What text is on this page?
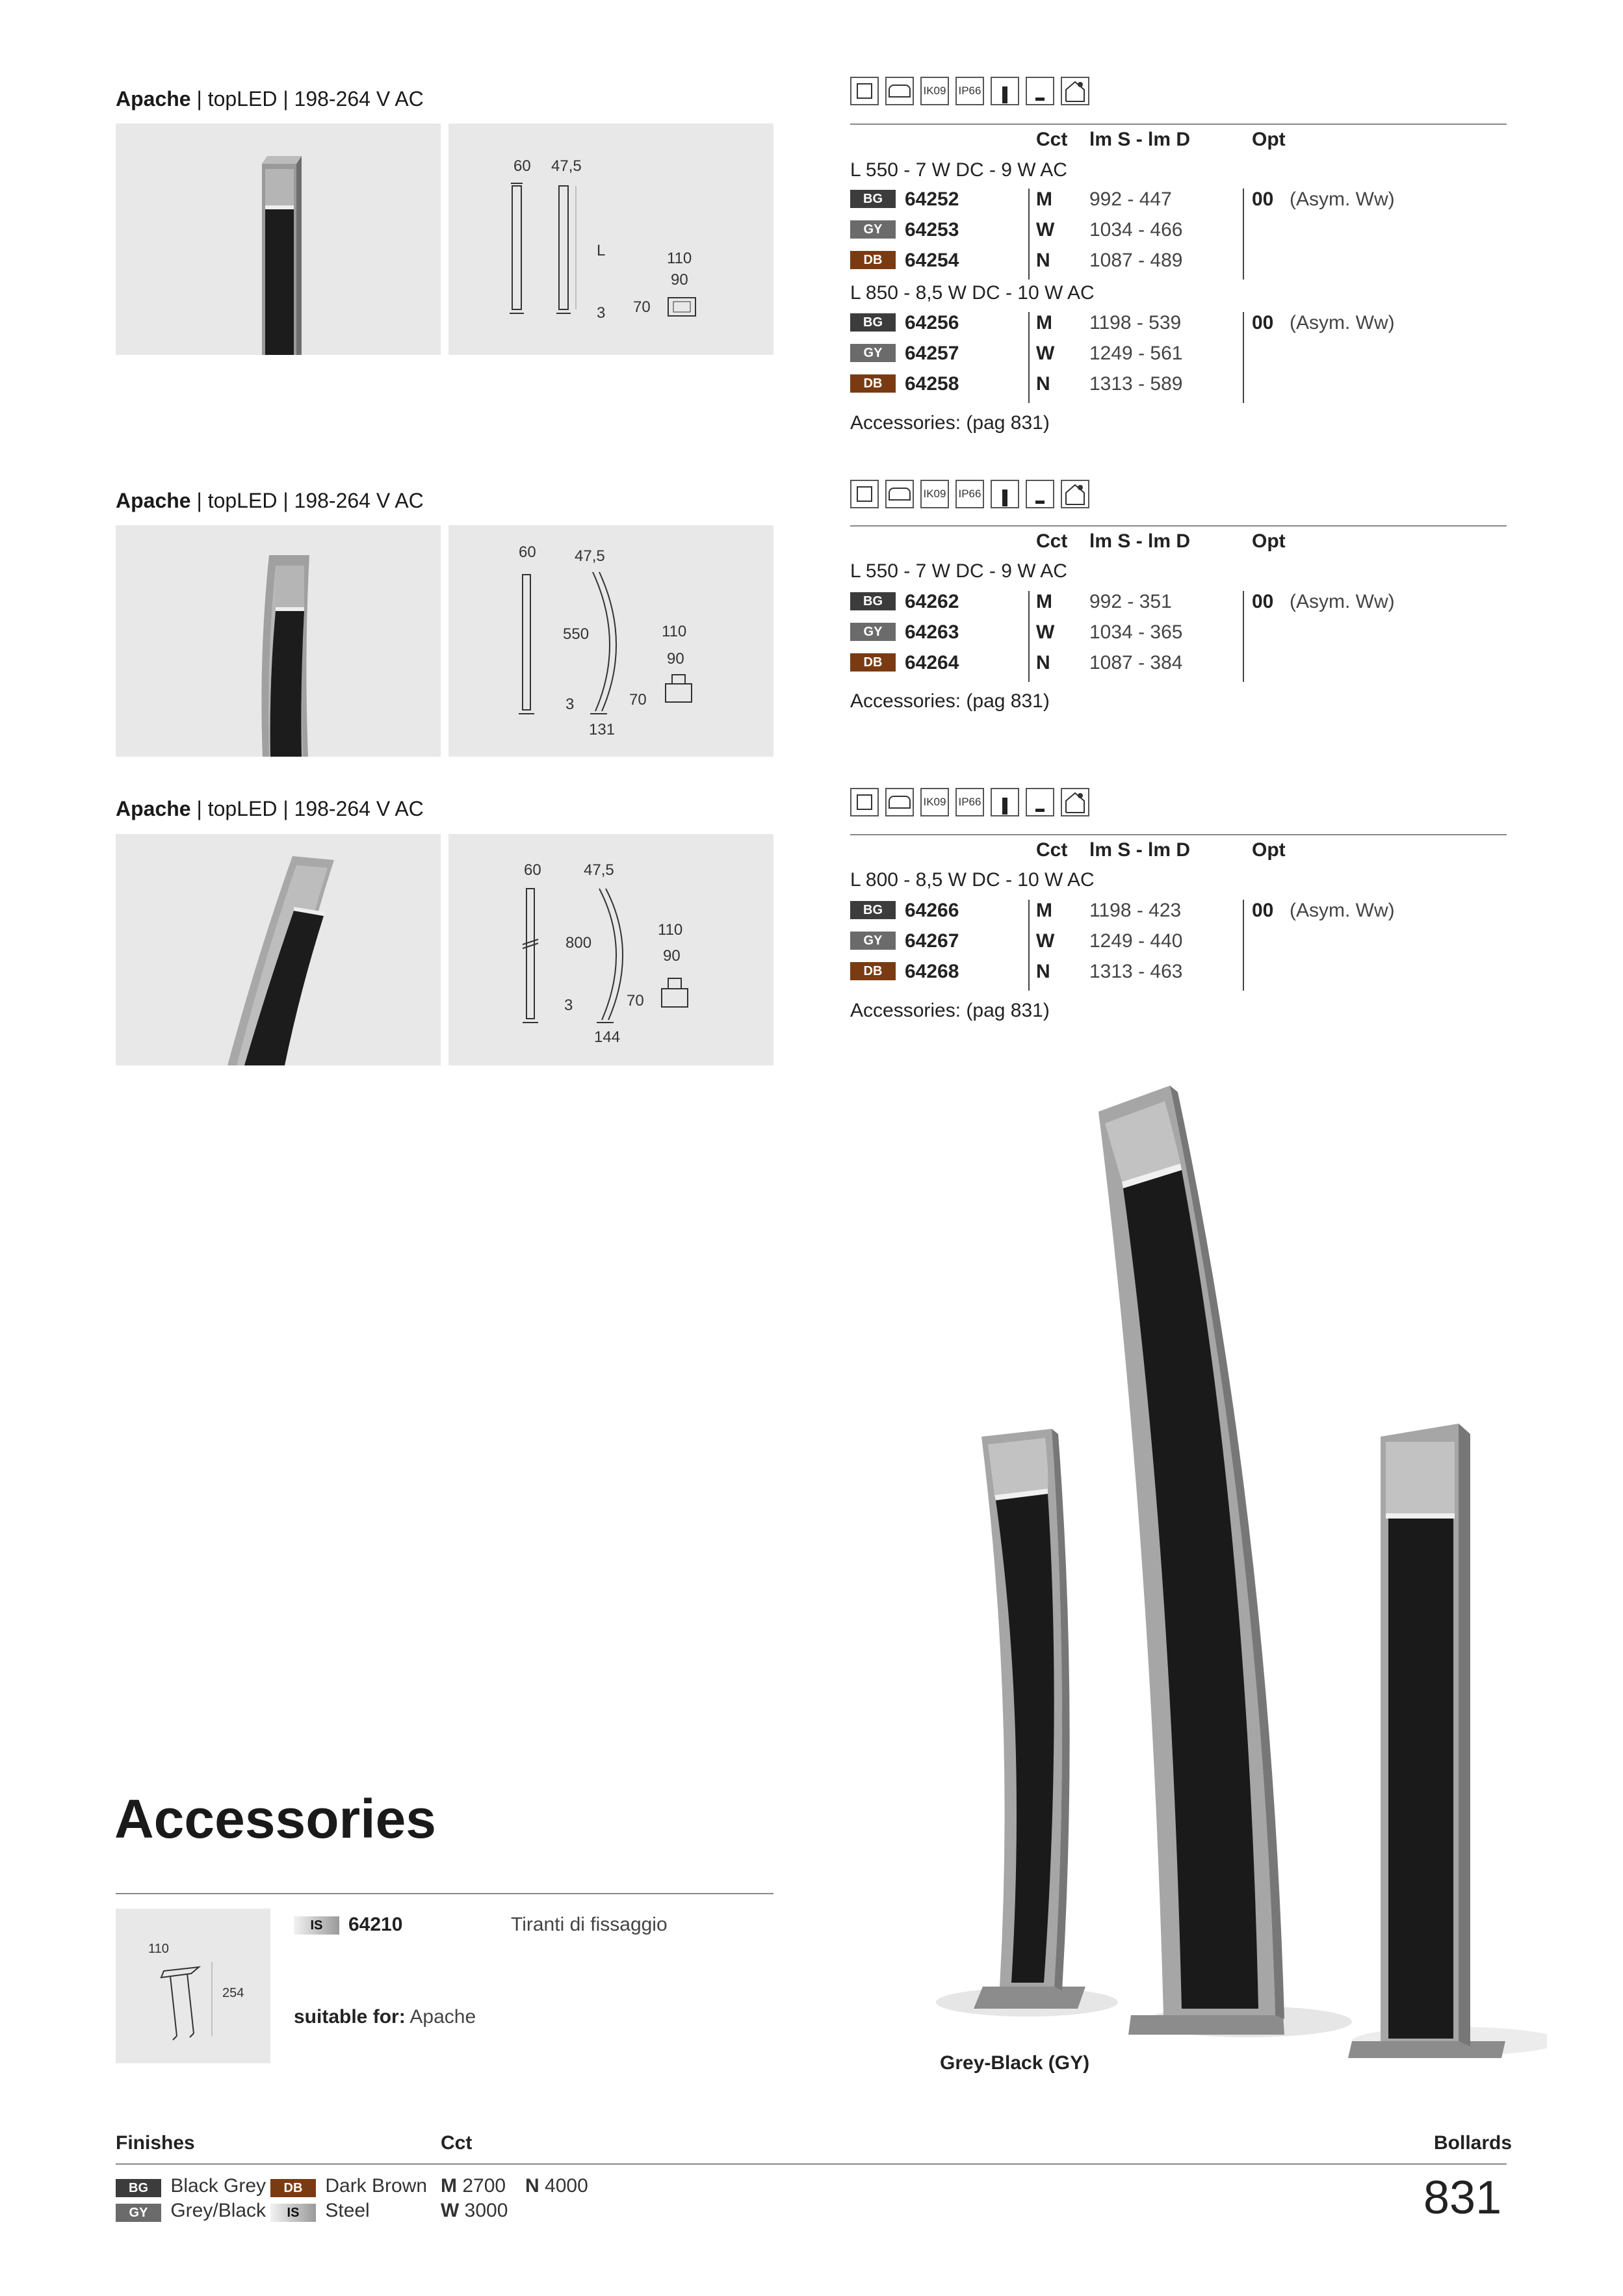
Apache | topLED | 198-264 V AC
60 47,5
L
3
110
90
70
IK09 IP66
Cct lm S - lm D	Opt
L 550 - 7 W DC - 9 W AC
BG	64252	M 992 - 447
GY	64253	W 1034 - 466
DB	64254	N 1087 - 489
00 (Asym. Ww)
L 850 - 8,5 W DC - 10 W AC
BG	64256	M 1198 - 539
GY	64257	W 1249 - 561
DB	64258	N 1313 - 589
00 (Asym. Ww)
Accessories: (pag 831)
Apache | topLED | 198-264 V AC
60 47,5
550
3
131
110
90
70
IK09 IP66
Cct lm S - lm D	Opt
L 550 - 7 W DC - 9 W AC
BG	64262	M 992 - 351
GY	64263	W 1034 - 365
DB	64264	N 1087 - 384
00 (Asym. Ww)
Accessories: (pag 831)
Apache | topLED | 198-264 V AC
60	47,5
800
3
144
110
90
70
IK09 IP66
Cct lm S - lm D	Opt
L 800 - 8,5 W DC - 10 W AC
BG	64266	M 1198 - 423
GY	64267	W 1249 - 440
DB	64268	N 1313 - 463
00 (Asym. Ww)
Accessories: (pag 831)
Grey-Black (GY)
Accessories
110
254
IS	64210	Tiranti di fissaggio
suitable for: Apache
Finishes	Cct	Bollards
BG Black Grey	DB Dark Brown
GY Grey/Black	IS Steel
M 2700 N 4000
W 3000	831
